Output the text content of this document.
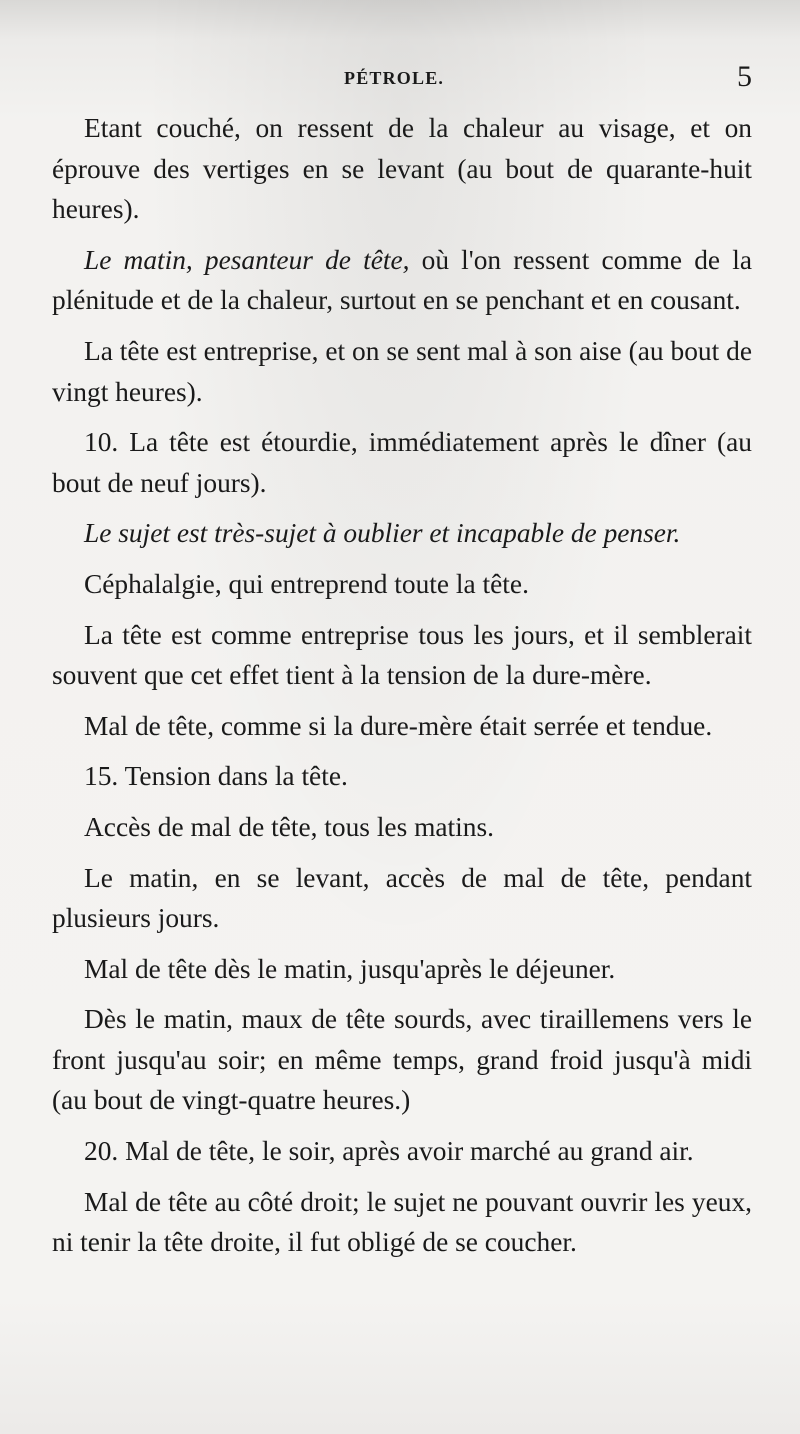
PÉTROLE.	5

Etant couché, on ressent de la chaleur au visage, et on éprouve des vertiges en se levant (au bout de quarante-huit heures).

Le matin, pesanteur de tête, où l'on ressent comme de la plénitude et de la chaleur, surtout en se penchant et en cousant.

La tête est entreprise, et on se sent mal à son aise (au bout de vingt heures).

10. La tête est étourdie, immédiatement après le dîner (au bout de neuf jours).

Le sujet est très-sujet à oublier et incapable de penser.

Céphalalgie, qui entreprend toute la tête.

La tête est comme entreprise tous les jours, et il semblerait souvent que cet effet tient à la tension de la dure-mère.

Mal de tête, comme si la dure-mère était serrée et tendue.

15. Tension dans la tête.

Accès de mal de tête, tous les matins.

Le matin, en se levant, accès de mal de tête, pendant plusieurs jours.

Mal de tête dès le matin, jusqu'après le déjeuner.

Dès le matin, maux de tête sourds, avec tiraillemens vers le front jusqu'au soir; en même temps, grand froid jusqu'à midi (au bout de vingt-quatre heures.)

20. Mal de tête, le soir, après avoir marché au grand air.

Mal de tête au côté droit; le sujet ne pouvant ouvrir les yeux, ni tenir la tête droite, il fut obligé de se coucher.
